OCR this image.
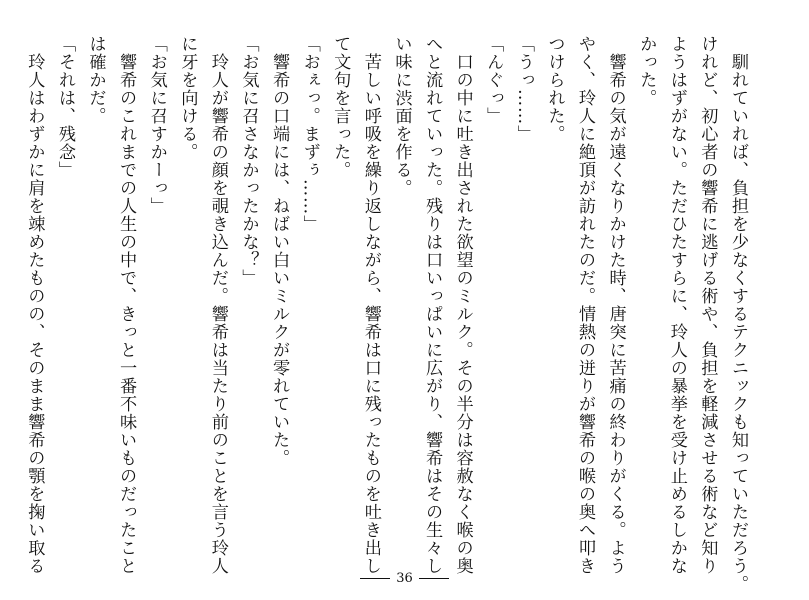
　馴れていれば、負担を少なくするテクニックも知っていただろう。
けれど、初心者の響希に逃げる術や、負担を軽減させる術など知り
ようはずがない。ただひたすらに、玲人の暴挙を受け止めるしかな
かった。
　響希の気が遠くなりかけた時、唐突に苦痛の終わりがくる。よう
やく、玲人に絶頂が訪れたのだ。情熱の迸りが響希の喉の奥へ叩き
つけられた。
「うっ……」
「んぐっ」
　口の中に吐き出された欲望のミルク。その半分は容赦なく喉の奥
へと流れていった。残りは口いっぱいに広がり、響希はその生々し
い味に渋面を作る。
　苦しい呼吸を繰り返しながら、響希は口に残ったものを吐き出し
て文句を言った。
「おぇっ。まずぅ……」
　響希の口端には、ねばい白いミルクが零れていた。
「お気に召さなかったかな？」
　玲人が響希の顔を覗き込んだ。響希は当たり前のことを言う玲人
に牙を向ける。
「お気に召すかーっ」
　響希のこれまでの人生の中で、きっと一番不味いものだったこと
は確かだ。
「それは、残念」
　玲人はわずかに肩を竦めたものの、そのまま響希の顎を掬い取る
36
